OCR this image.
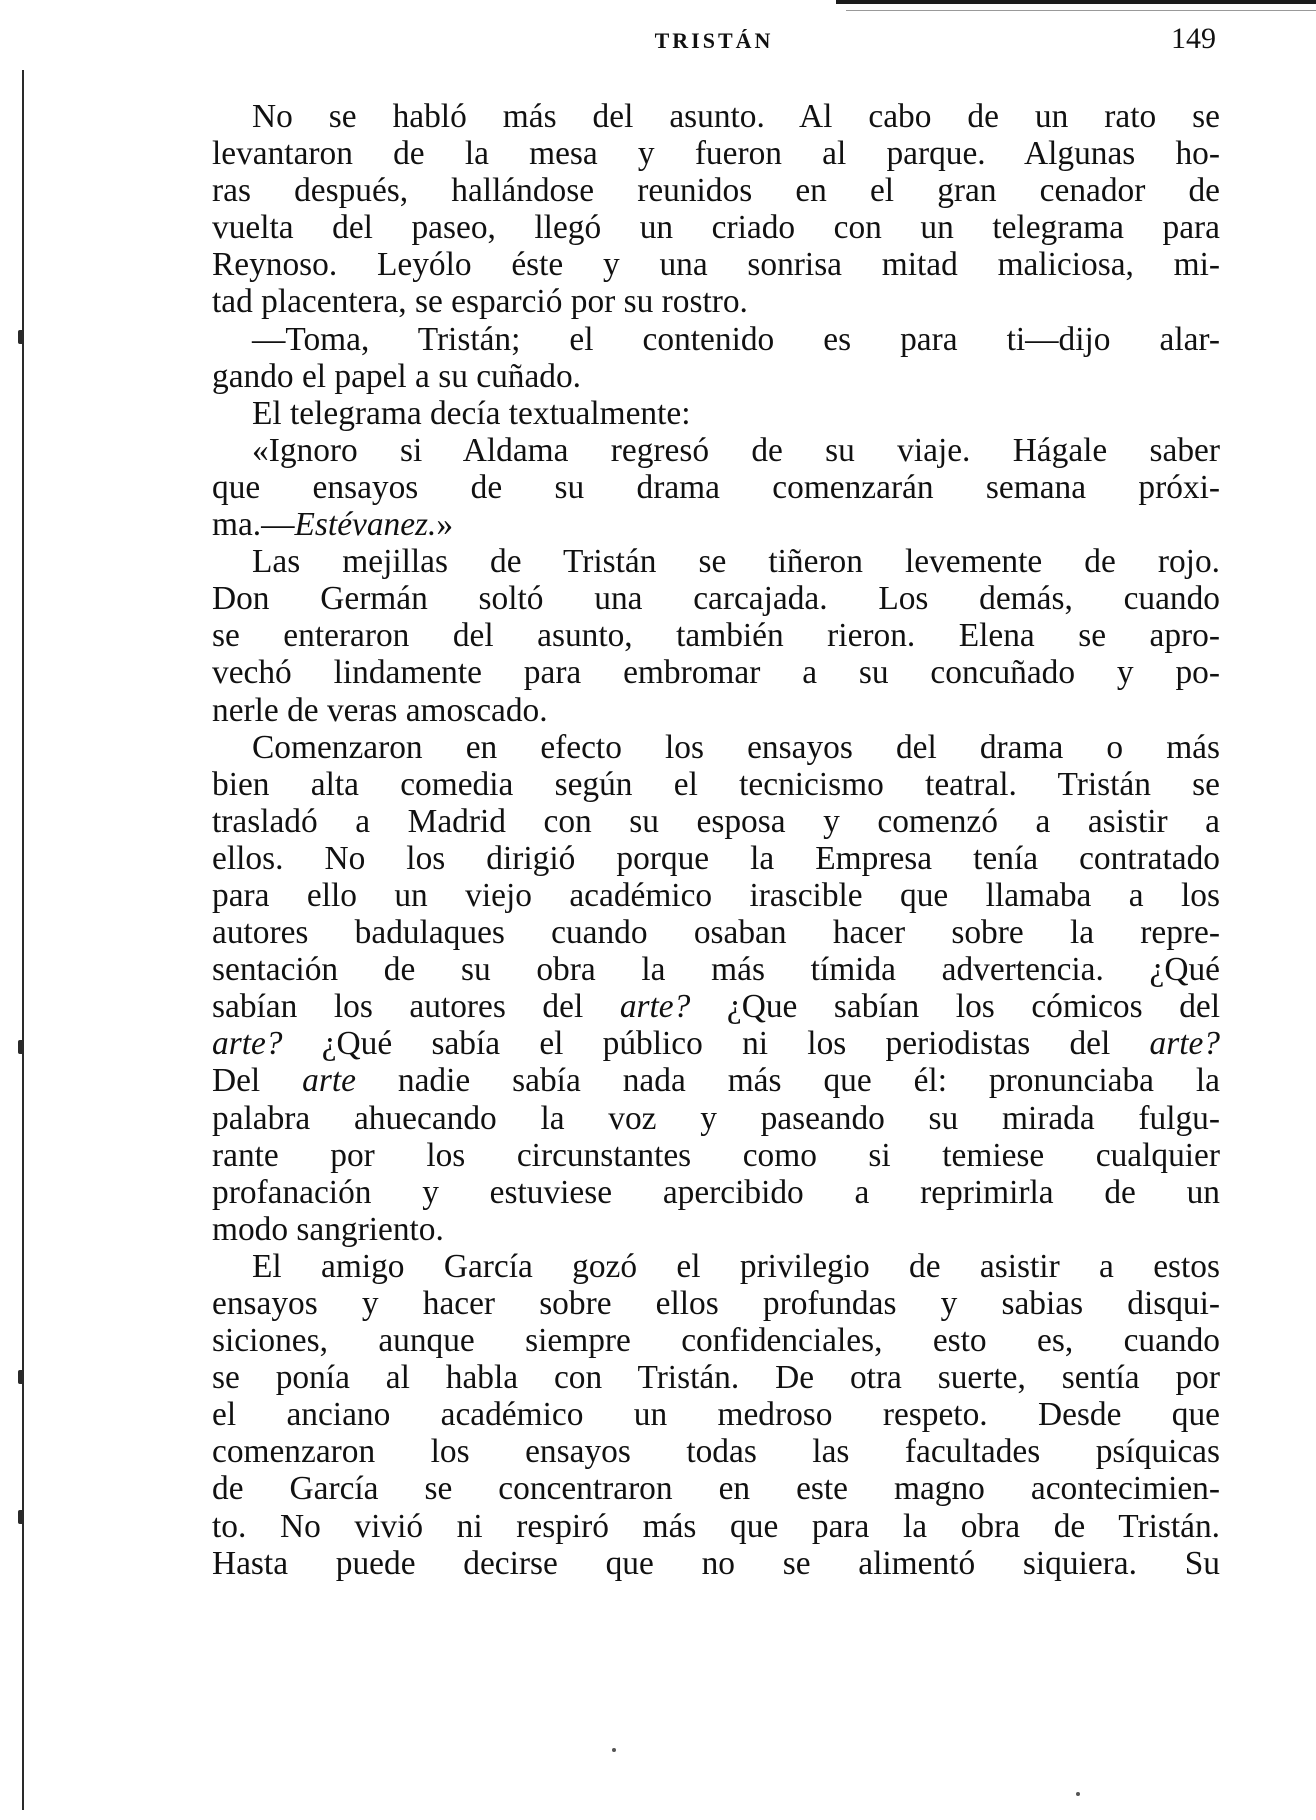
TRISTÁN	149
No se habló más del asunto. Al cabo de un rato se
levantaron de la mesa y fueron al parque. Algunas ho-
ras después, hallándose reunidos en el gran cenador de
vuelta del paseo, llegó un criado con un telegrama para
Reynoso. Leyólo éste y una sonrisa mitad maliciosa, mi-
tad placentera, se esparció por su rostro.
—Toma, Tristán; el contenido es para ti—dijo alar-
gando el papel a su cuñado.
El telegrama decía textualmente:
«Ignoro si Aldama regresó de su viaje. Hágale saber
que ensayos de su drama comenzarán semana próxi-
ma.—Estévanez.»
Las mejillas de Tristán se tiñeron levemente de rojo.
Don Germán soltó una carcajada. Los demás, cuando
se enteraron del asunto, también rieron. Elena se apro-
vechó lindamente para embromar a su concuñado y po-
nerle de veras amoscado.
Comenzaron en efecto los ensayos del drama o más
bien alta comedia según el tecnicismo teatral. Tristán se
trasladó a Madrid con su esposa y comenzó a asistir a
ellos. No los dirigió porque la Empresa tenía contratado
para ello un viejo académico irascible que llamaba a los
autores badulaques cuando osaban hacer sobre la repre-
sentación de su obra la más tímida advertencia. ¿Qué
sabían los autores del arte? ¿Que sabían los cómicos del
arte? ¿Qué sabía el público ni los periodistas del arte?
Del arte nadie sabía nada más que él: pronunciaba la
palabra ahuecando la voz y paseando su mirada fulgu-
rante por los circunstantes como si temiese cualquier
profanación y estuviese apercibido a reprimirla de un
modo sangriento.
El amigo García gozó el privilegio de asistir a estos
ensayos y hacer sobre ellos profundas y sabias disqui-
siciones, aunque siempre confidenciales, esto es, cuando
se ponía al habla con Tristán. De otra suerte, sentía por
el anciano académico un medroso respeto. Desde que
comenzaron los ensayos todas las facultades psíquicas
de García se concentraron en este magno acontecimien-
to. No vivió ni respiró más que para la obra de Tristán.
Hasta puede decirse que no se alimentó siquiera. Su
